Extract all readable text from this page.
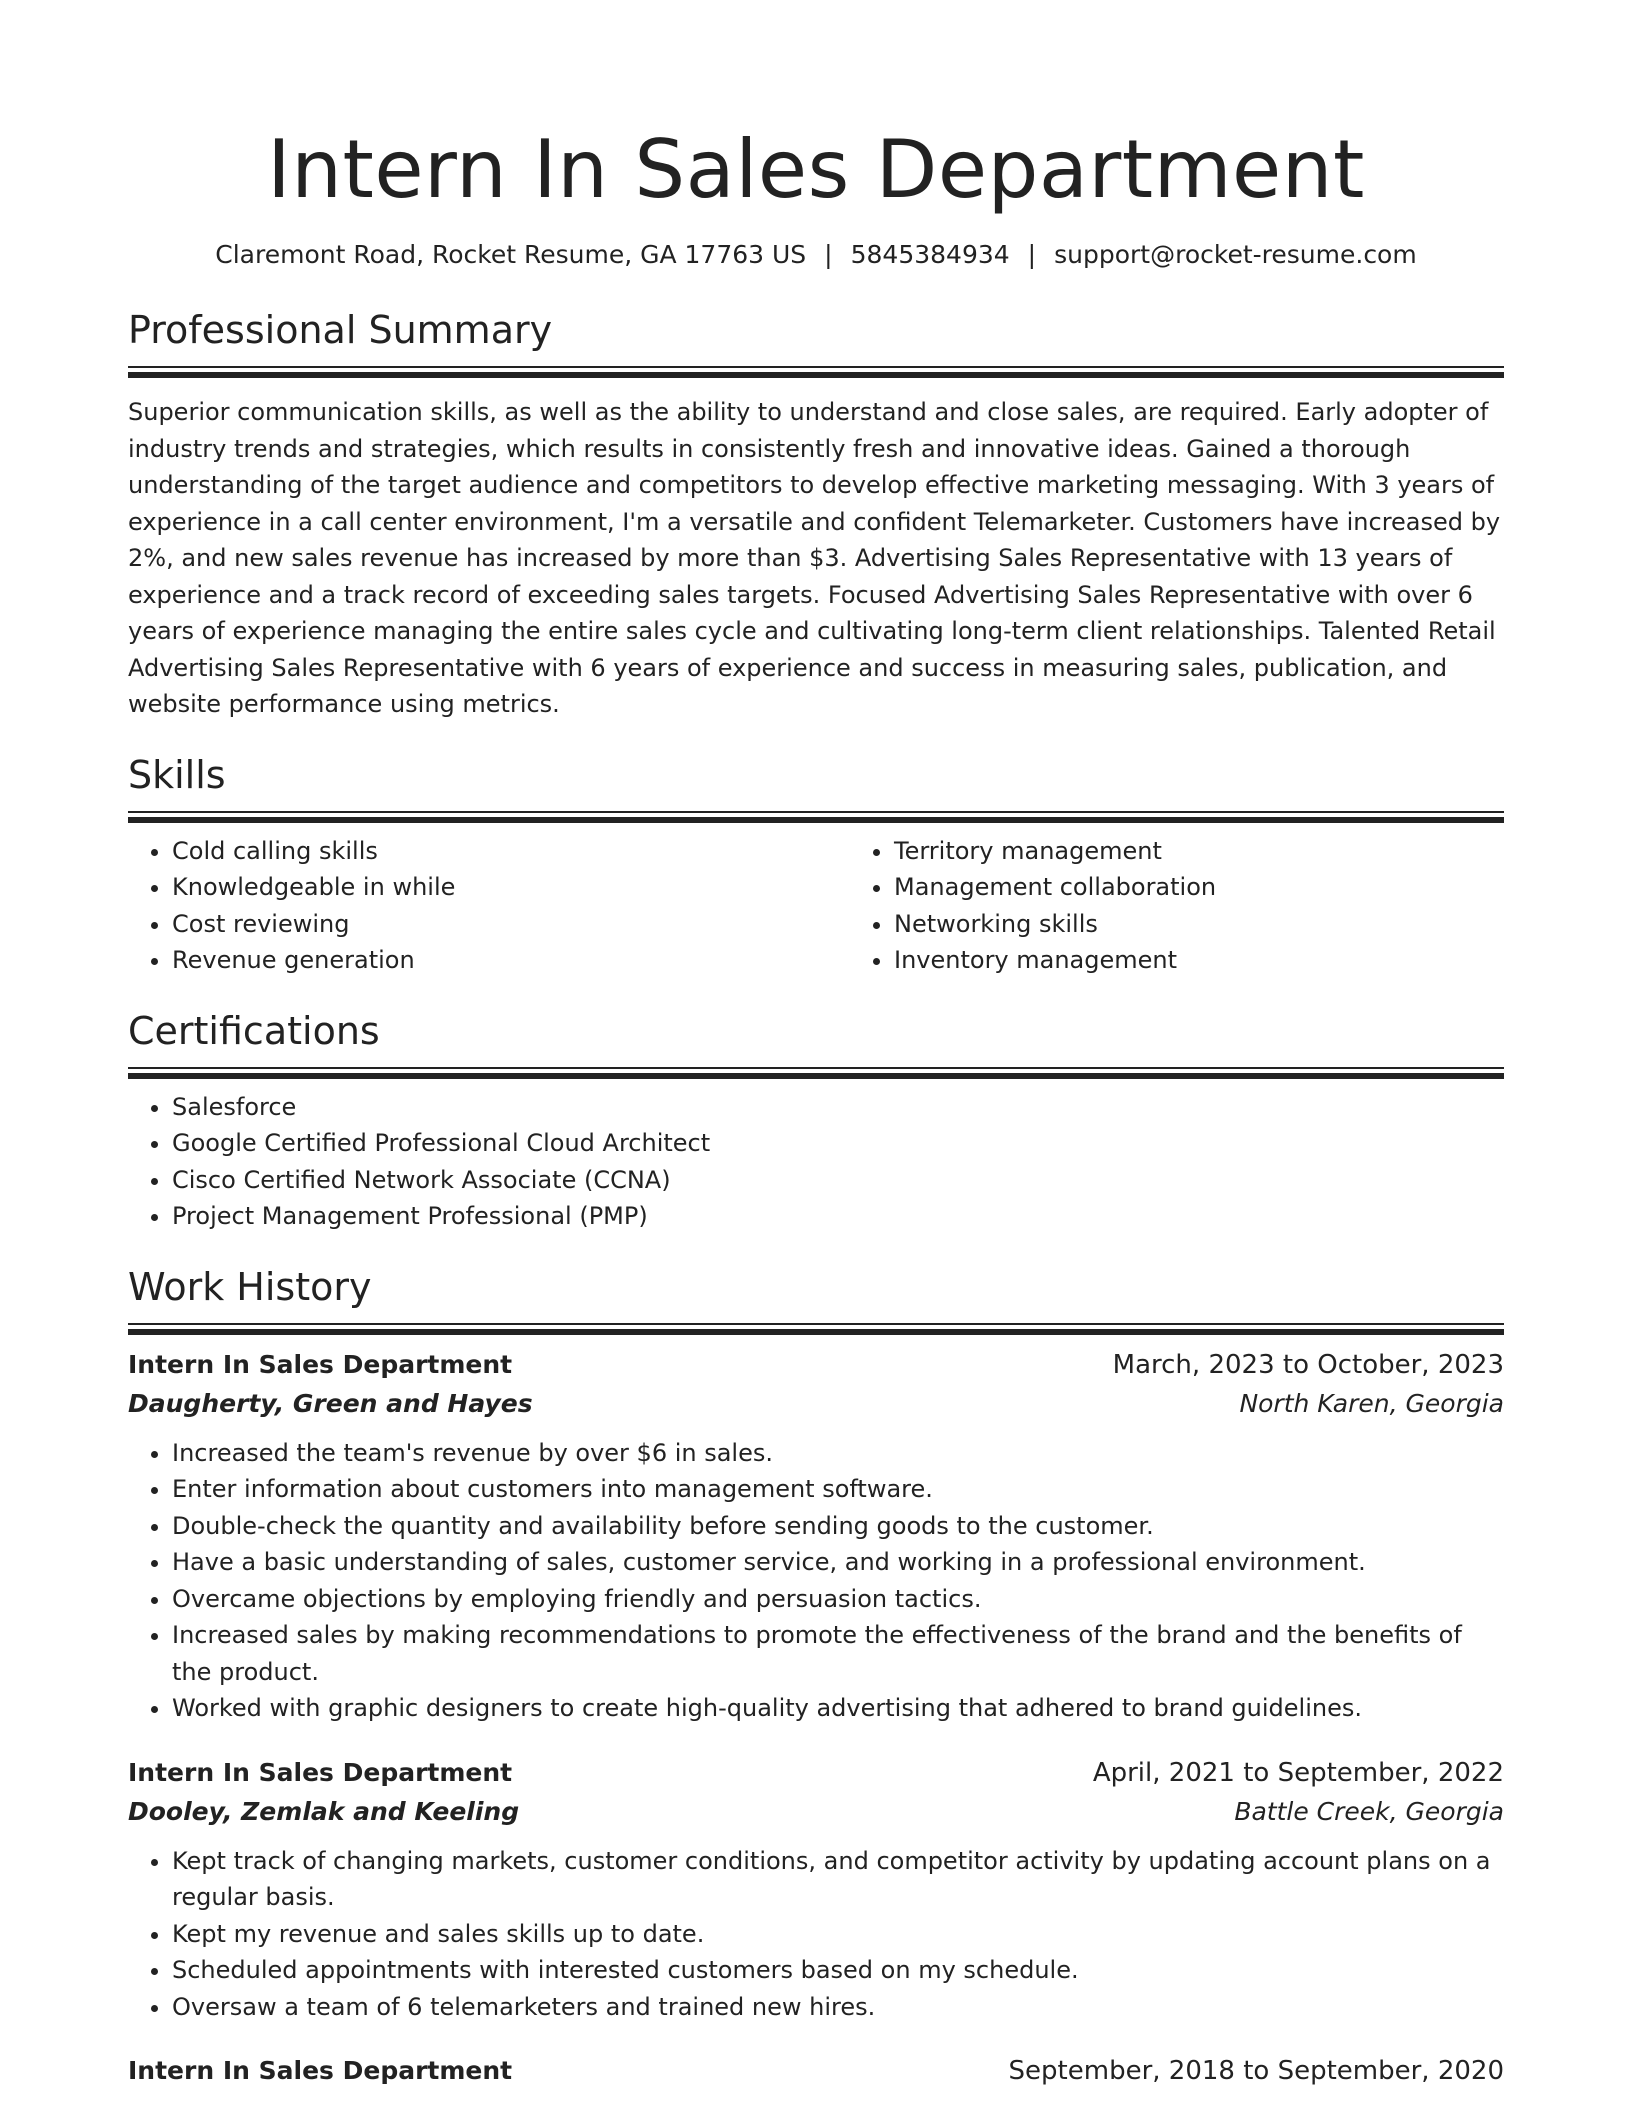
Intern In Sales Department
Claremont Road, Rocket Resume, GA 17763 US | 5845384934 | support@rocket-resume.com
Professional Summary
Superior communication skills, as well as the ability to understand and close sales, are required. Early adopter of industry trends and strategies, which results in consistently fresh and innovative ideas. Gained a thorough understanding of the target audience and competitors to develop effective marketing messaging. With 3 years of experience in a call center environment, I'm a versatile and confident Telemarketer. Customers have increased by 2%, and new sales revenue has increased by more than $3. Advertising Sales Representative with 13 years of experience and a track record of exceeding sales targets. Focused Advertising Sales Representative with over 6 years of experience managing the entire sales cycle and cultivating long-term client relationships. Talented Retail Advertising Sales Representative with 6 years of experience and success in measuring sales, publication, and website performance using metrics.
Skills
• Cold calling skills
• Knowledgeable in while
• Cost reviewing
• Revenue generation
• Territory management
• Management collaboration
• Networking skills
• Inventory management
Certifications
• Salesforce
• Google Certified Professional Cloud Architect
• Cisco Certified Network Associate (CCNA)
• Project Management Professional (PMP)
Work History
Intern In Sales Department	March, 2023 to October, 2023
Daugherty, Green and Hayes	North Karen, Georgia
• Increased the team's revenue by over $6 in sales.
• Enter information about customers into management software.
• Double-check the quantity and availability before sending goods to the customer.
• Have a basic understanding of sales, customer service, and working in a professional environment.
• Overcame objections by employing friendly and persuasion tactics.
• Increased sales by making recommendations to promote the effectiveness of the brand and the benefits of the product.
• Worked with graphic designers to create high-quality advertising that adhered to brand guidelines.
Intern In Sales Department	April, 2021 to September, 2022
Dooley, Zemlak and Keeling	Battle Creek, Georgia
• Kept track of changing markets, customer conditions, and competitor activity by updating account plans on a regular basis.
• Kept my revenue and sales skills up to date.
• Scheduled appointments with interested customers based on my schedule.
• Oversaw a team of 6 telemarketers and trained new hires.
Intern In Sales Department	September, 2018 to September, 2020
